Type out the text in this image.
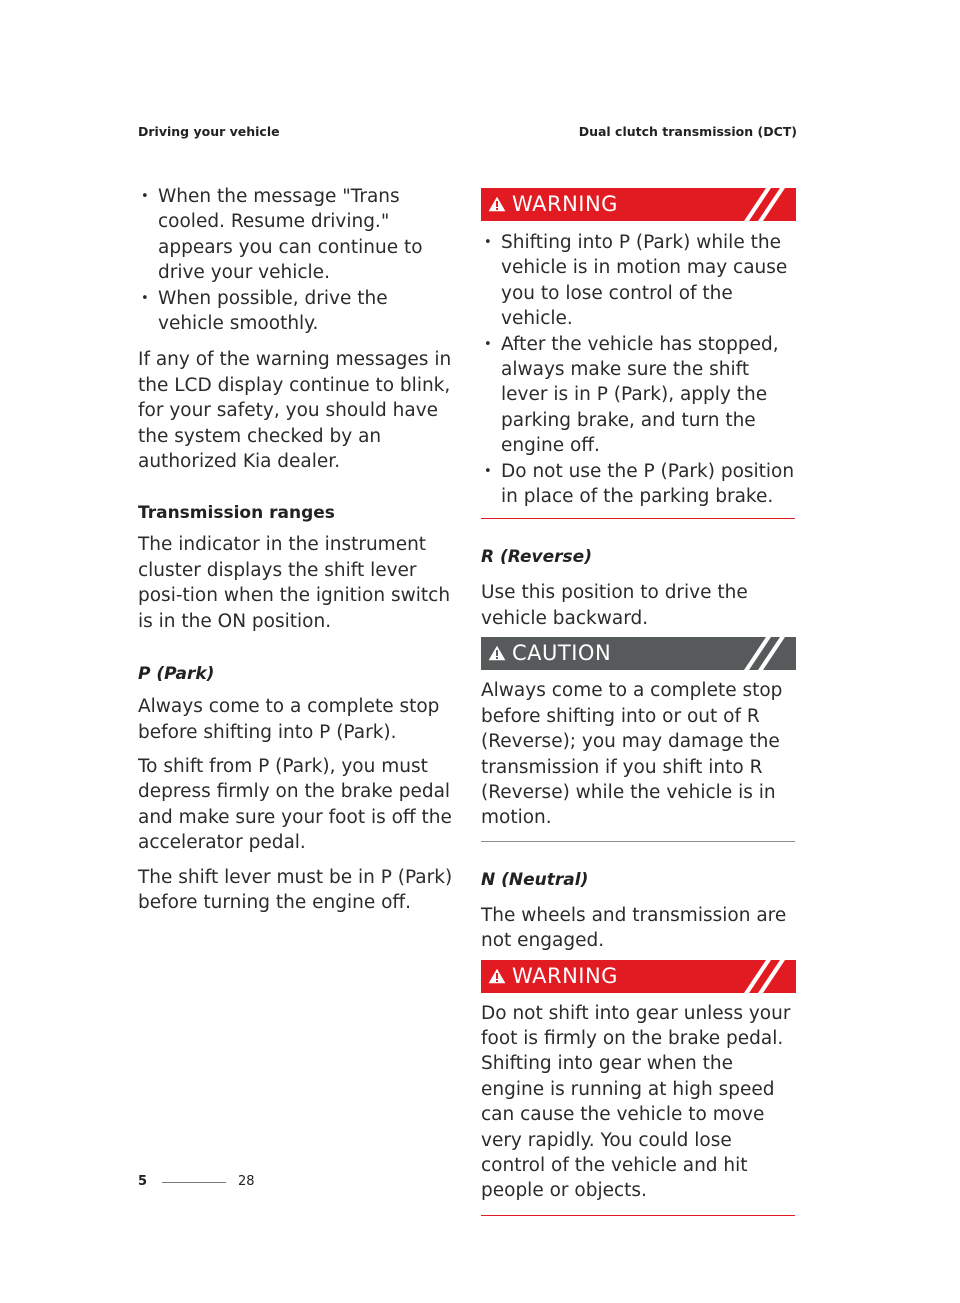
Driving your vehicle	Dual clutch transmission (DCT)
• When the message "Trans cooled. Resume driving." appears you can continue to drive your vehicle.
• When possible, drive the vehicle smoothly.

If any of the warning messages in the LCD display continue to blink, for your safety, you should have the system checked by an authorized Kia dealer.

Transmission ranges

The indicator in the instrument cluster displays the shift lever posi-tion when the ignition switch is in the ON position.

P (Park)

Always come to a complete stop before shifting into P (Park).

To shift from P (Park), you must depress firmly on the brake pedal and make sure your foot is off the accelerator pedal.

The shift lever must be in P (Park) before turning the engine off.

WARNING
• Shifting into P (Park) while the vehicle is in motion may cause you to lose control of the vehicle.
• After the vehicle has stopped, always make sure the shift lever is in P (Park), apply the parking brake, and turn the engine off.
• Do not use the P (Park) position in place of the parking brake.

R (Reverse)

Use this position to drive the vehicle backward.

CAUTION

Always come to a complete stop before shifting into or out of R (Reverse); you may damage the transmission if you shift into R (Reverse) while the vehicle is in motion.

N (Neutral)

The wheels and transmission are not engaged.

WARNING

Do not shift into gear unless your foot is firmly on the brake pedal. Shifting into gear when the engine is running at high speed can cause the vehicle to move very rapidly. You could lose control of the vehicle and hit people or objects.

5	28
